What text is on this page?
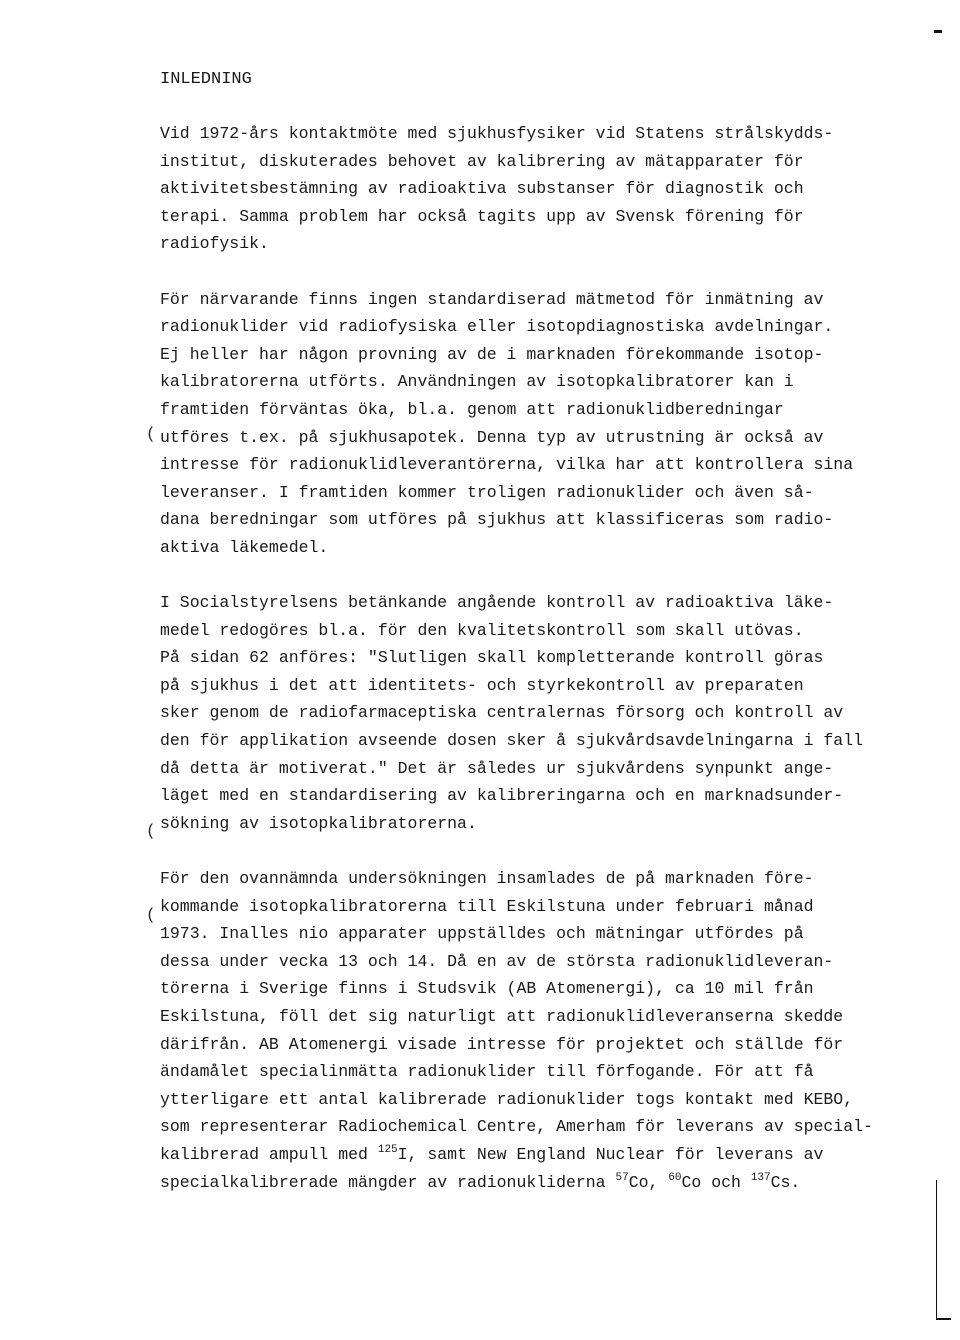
INLEDNING
Vid 1972-års kontaktmöte med sjukhusfysiker vid Statens strålskydds-
institut, diskuterades behovet av kalibrering av mätapparater för
aktivitetsbestämning av radioaktiva substanser för diagnostik och
terapi. Samma problem har också tagits upp av Svensk förening för
radiofysik.
För närvarande finns ingen standardiserad mätmetod för inmätning av
radionuklider vid radiofysiska eller isotopdiagnostiska avdelningar.
Ej heller har någon provning av de i marknaden förekommande isotop-
kalibratorerna utförts. Användningen av isotopkalibratorer kan i
framtiden förväntas öka, bl.a. genom att radionuklidberedningar
utföres t.ex. på sjukhusapotek. Denna typ av utrustning är också av
intresse för radionuklidleverantörerna, vilka har att kontrollera sina
leveranser. I framtiden kommer troligen radionuklider och även så-
dana beredningar som utföres på sjukhus att klassificeras som radio-
aktiva läkemedel.
I Socialstyrelsens betänkande angående kontroll av radioaktiva läke-
medel redogöres bl.a. för den kvalitetskontroll som skall utövas.
På sidan 62 anföres: "Slutligen skall kompletterande kontroll göras
på sjukhus i det att identitets- och styrkekontroll av preparaten
sker genom de radiofarmaceptiska centralernas försorg och kontroll av
den för applikation avseende dosen sker å sjukvårdsavdelningarna i fall
då detta är motiverat." Det är således ur sjukvårdens synpunkt ange-
läget med en standardisering av kalibreringarna och en marknadsunder-
sökning av isotopkalibratorerna.
För den ovannämnda undersökningen insamlades de på marknaden före-
kommande isotopkalibratorerna till Eskilstuna under februari månad
1973. Inalles nio apparater uppställdes och mätningar utfördes på
dessa under vecka 13 och 14. Då en av de största radionuklidleveran-
törerna i Sverige finns i Studsvik (AB Atomenergi), ca 10 mil från
Eskilstuna, föll det sig naturligt att radionuklidleveranserna skedde
därifrån. AB Atomenergi visade intresse för projektet och ställde för
ändamålet specialinmätta radionuklider till förfogande. För att få
ytterligare ett antal kalibrerade radionuklider togs kontakt med KEBO,
som representerar Radiochemical Centre, Amerham för leverans av special-
kalibrerad ampull med $^{125}$I, samt New England Nuclear för leverans av
specialkalibrerade mängder av radionukliderna $^{57}$Co, $^{60}$Co och $^{137}$Cs.
(
(
(
